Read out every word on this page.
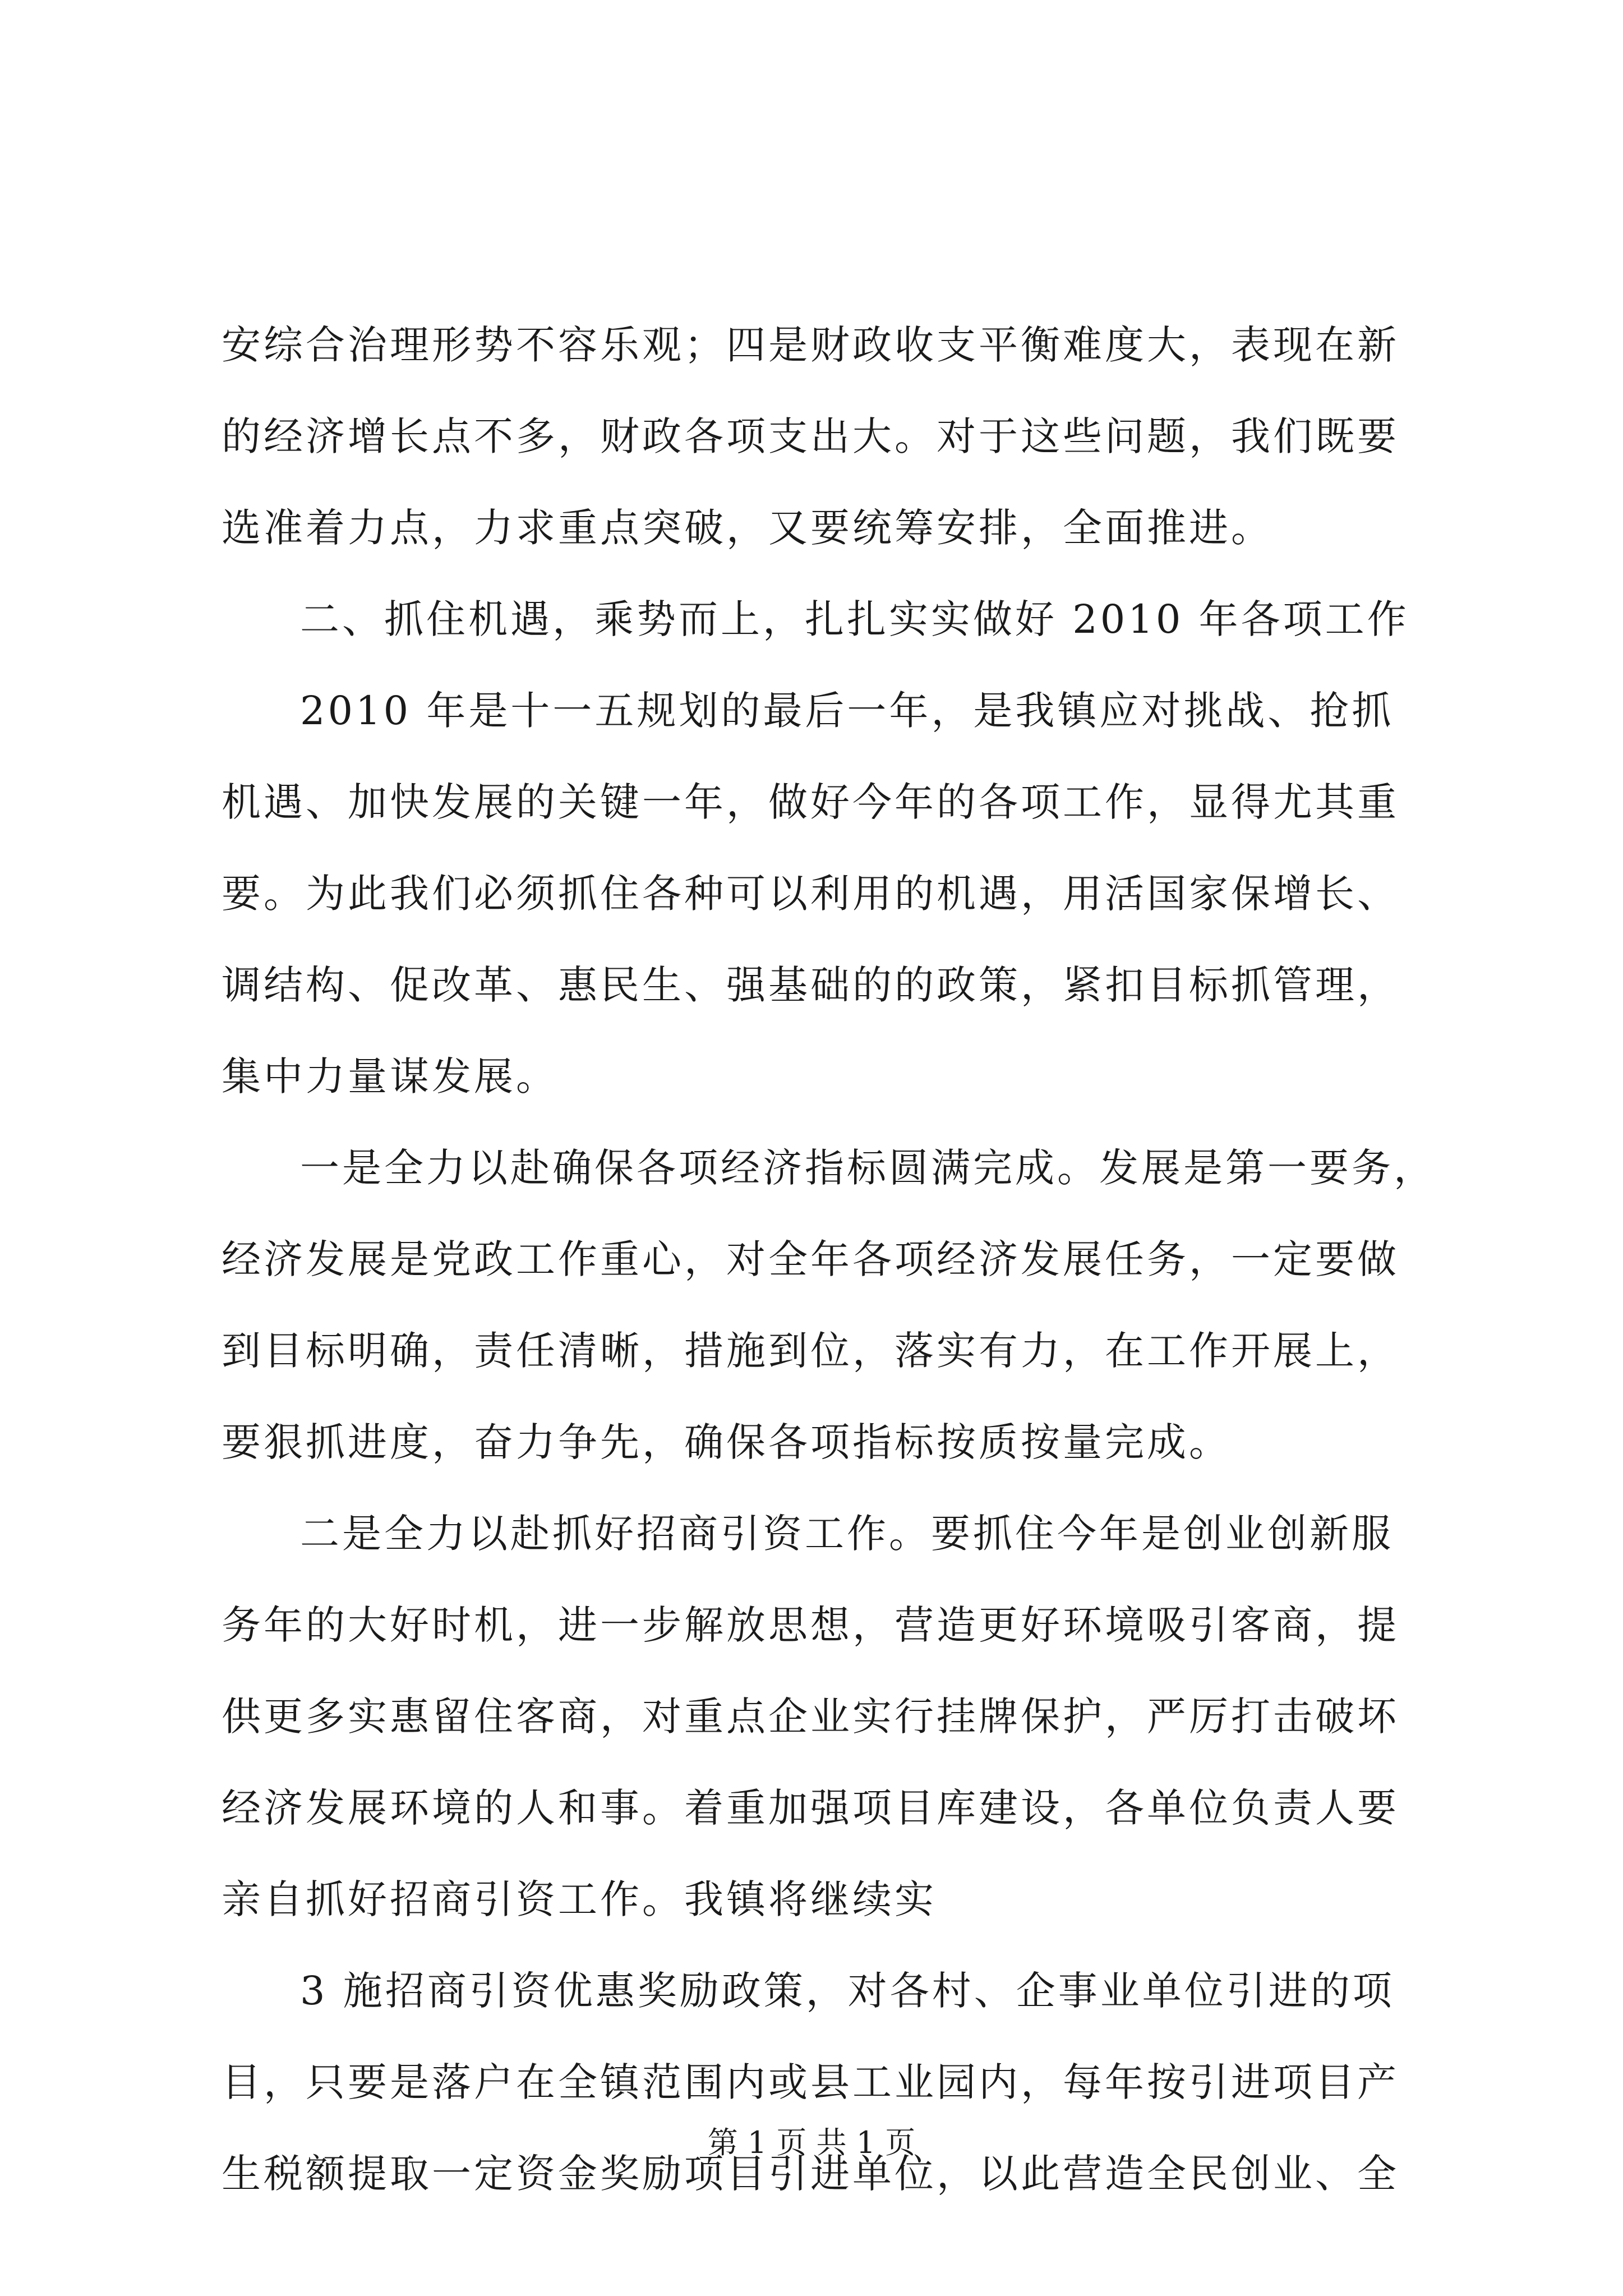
安综合治理形势不容乐观；四是财政收支平衡难度大，表现在新
的经济增长点不多，财政各项支出大。对于这些问题，我们既要
选准着力点，力求重点突破，又要统筹安排，全面推进。
二、抓住机遇，乘势而上，扎扎实实做好 2010 年各项工作
2010 年是十一五规划的最后一年，是我镇应对挑战、抢抓
机遇、加快发展的关键一年，做好今年的各项工作，显得尤其重
要。为此我们必须抓住各种可以利用的机遇，用活国家保增长、
调结构、促改革、惠民生、强基础的的政策，紧扣目标抓管理，
集中力量谋发展。
一是全力以赴确保各项经济指标圆满完成。发展是第一要务，
经济发展是党政工作重心，对全年各项经济发展任务，一定要做
到目标明确，责任清晰，措施到位，落实有力，在工作开展上，
要狠抓进度，奋力争先，确保各项指标按质按量完成。
二是全力以赴抓好招商引资工作。要抓住今年是创业创新服
务年的大好时机，进一步解放思想，营造更好环境吸引客商，提
供更多实惠留住客商，对重点企业实行挂牌保护，严厉打击破坏
经济发展环境的人和事。着重加强项目库建设，各单位负责人要
亲自抓好招商引资工作。我镇将继续实
3 施招商引资优惠奖励政策，对各村、企事业单位引进的项
目，只要是落户在全镇范围内或县工业园内，每年按引进项目产
生税额提取一定资金奖励项目引进单位，以此营造全民创业、全
第 1 页 共 1 页
